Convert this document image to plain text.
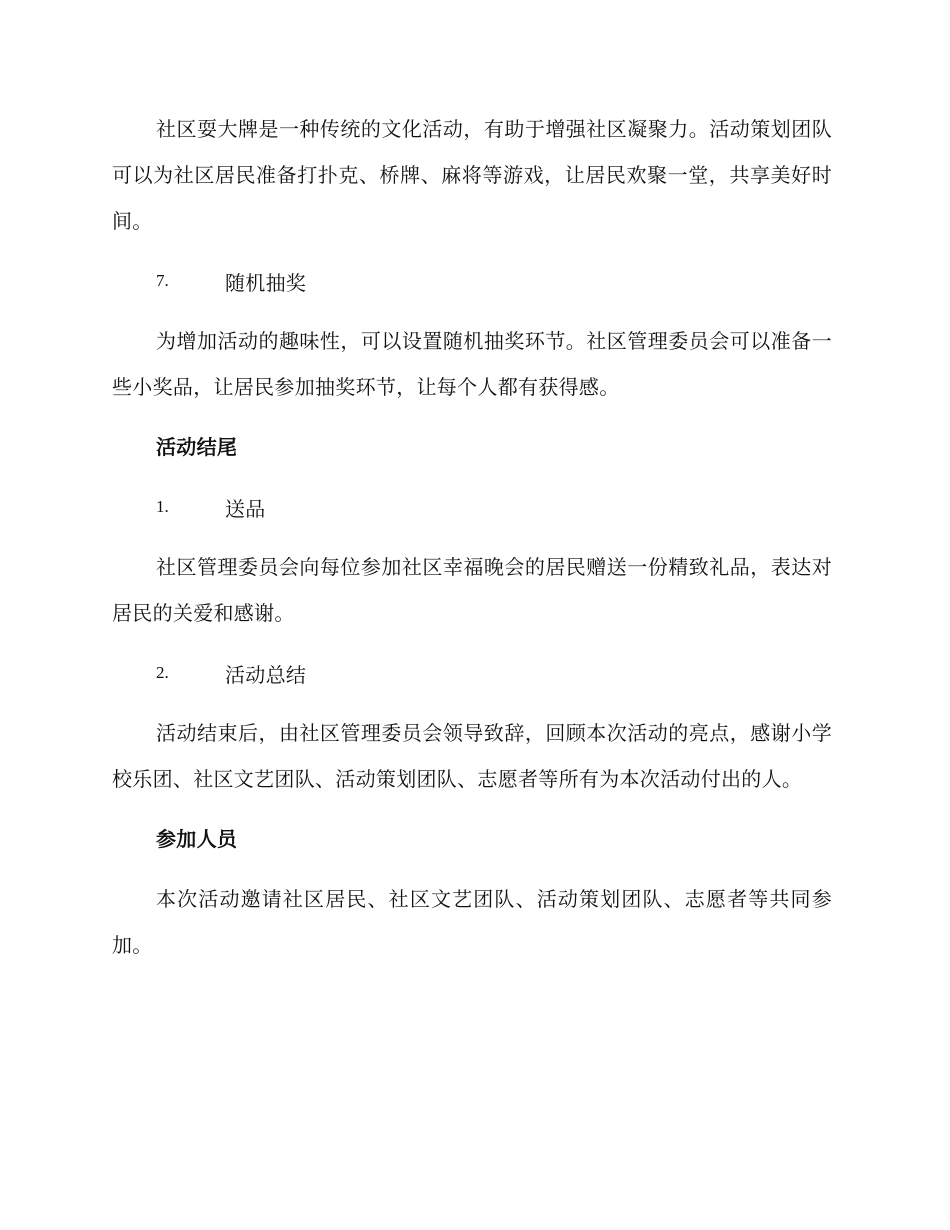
社区耍大牌是一种传统的文化活动，有助于增强社区凝聚力。活动策划团队可以为社区居民准备打扑克、桥牌、麻将等游戏，让居民欢聚一堂，共享美好时间。

7.	随机抽奖

为增加活动的趣味性，可以设置随机抽奖环节。社区管理委员会可以准备一些小奖品，让居民参加抽奖环节，让每个人都有获得感。

活动结尾
1.	送品

社区管理委员会向每位参加社区幸福晚会的居民赠送一份精致礼品，表达对居民的关爱和感谢。

2.	活动总结

活动结束后，由社区管理委员会领导致辞，回顾本次活动的亮点，感谢小学校乐团、社区文艺团队、活动策划团队、志愿者等所有为本次活动付出的人。

参加人员

本次活动邀请社区居民、社区文艺团队、活动策划团队、志愿者等共同参加。
